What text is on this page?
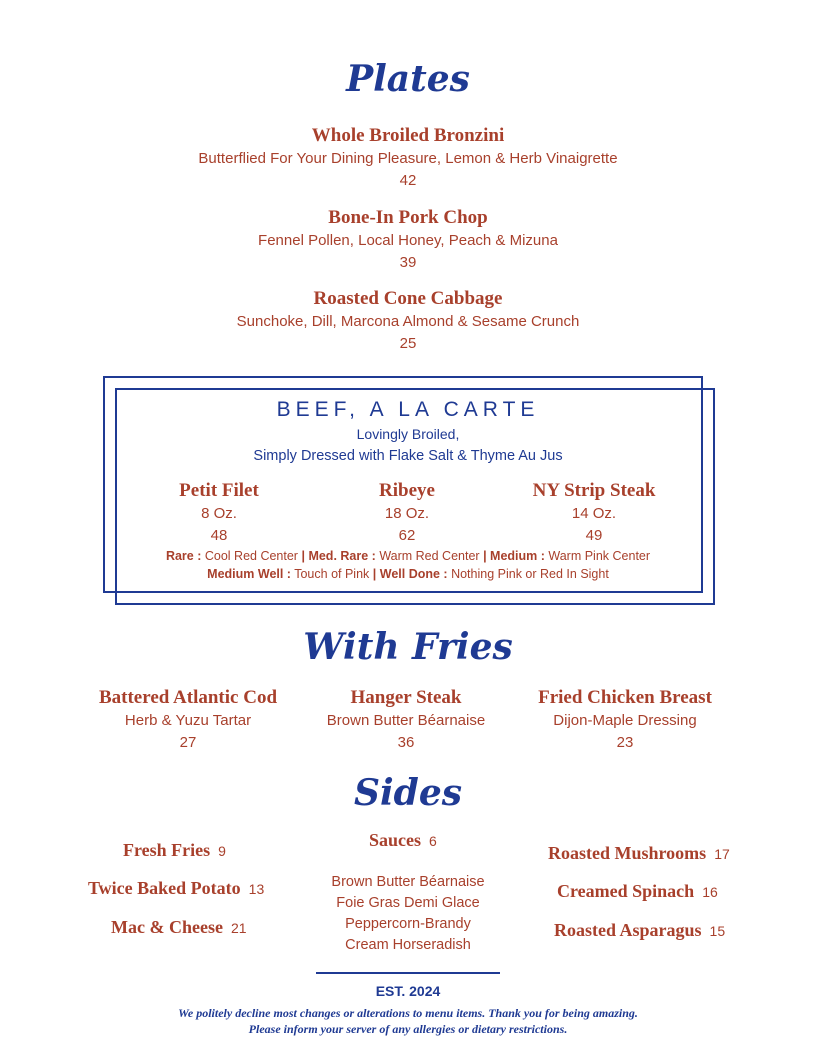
Plates
Whole Broiled Bronzini
Butterflied For Your Dining Pleasure, Lemon & Herb Vinaigrette
42
Bone-In Pork Chop
Fennel Pollen, Local Honey, Peach & Mizuna
39
Roasted Cone Cabbage
Sunchoke, Dill, Marcona Almond & Sesame Crunch
25
BEEF, A LA CARTE
Lovingly Broiled,
Simply Dressed with Flake Salt & Thyme Au Jus
Petit Filet
8 Oz.
48
Ribeye
18 Oz.
62
NY Strip Steak
14 Oz.
49
Rare : Cool Red Center | Med. Rare : Warm Red Center | Medium : Warm Pink Center
Medium Well : Touch of Pink | Well Done : Nothing Pink or Red In Sight
With Fries
Battered Atlantic Cod
Herb & Yuzu Tartar
27
Hanger Steak
Brown Butter Béarnaise
36
Fried Chicken Breast
Dijon-Maple Dressing
23
Sides
Fresh Fries 9
Twice Baked Potato 13
Mac & Cheese 21
Sauces 6
Brown Butter Béarnaise
Foie Gras Demi Glace
Peppercorn-Brandy
Cream Horseradish
Roasted Mushrooms 17
Creamed Spinach 16
Roasted Asparagus 15
EST. 2024
We politely decline most changes or alterations to menu items. Thank you for being amazing.
Please inform your server of any allergies or dietary restrictions.
